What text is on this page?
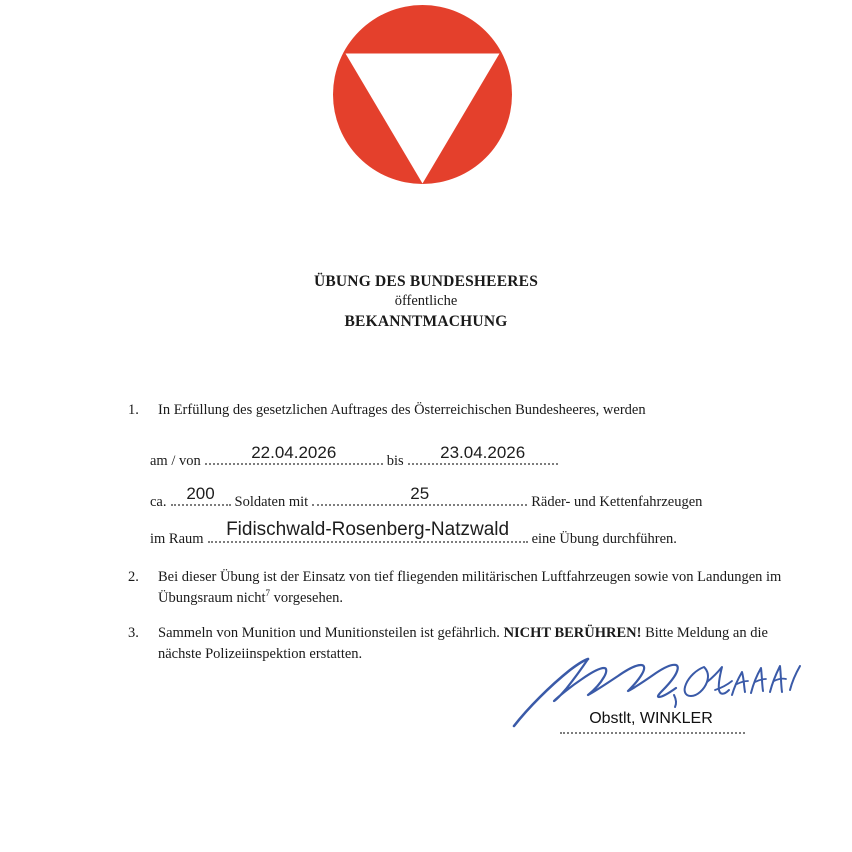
ÜBUNG DES BUNDESHEERES
öffentliche
BEKANNTMACHUNG
1.	In Erfüllung des gesetzlichen Auftrages des Österreichischen Bundesheeres, werden
am / von	22.04.2026	bis	23.04.2026
ca.	200	Soldaten mit	25	Räder- und Kettenfahrzeugen
im Raum	Fidischwald-Rosenberg-Natzwald	eine Übung durchführen.
2.	Bei dieser Übung ist der Einsatz von tief fliegenden militärischen Luftfahrzeugen sowie von Landungen im Übungsraum nicht$^7$ vorgesehen.
3.	Sammeln von Munition und Munitionsteilen ist gefährlich. NICHT BERÜHREN! Bitte Meldung an die nächste Polizeiinspektion erstatten.
Obstlt, WINKLER
